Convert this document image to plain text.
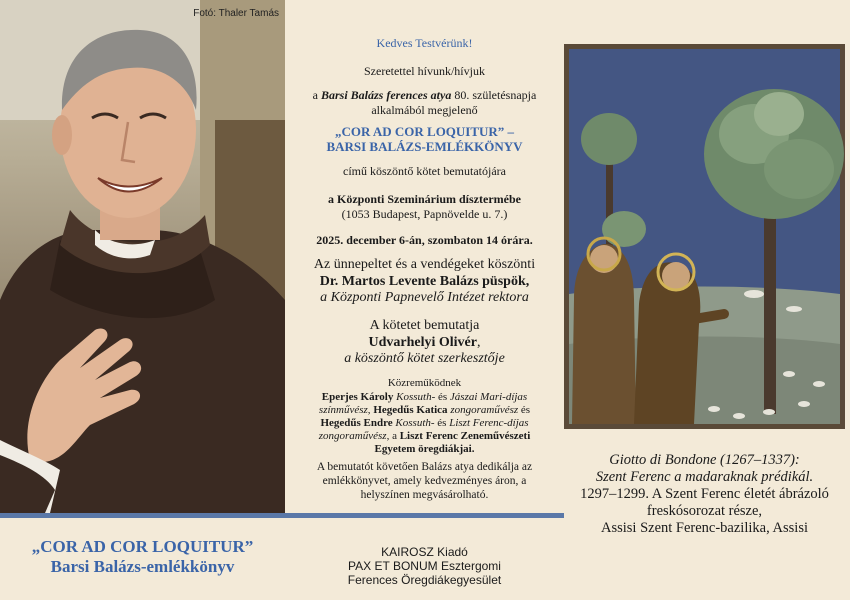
Fotó: Thaler Tamás

Kedves Testvérünk!

Szeretettel hívunk/hívjuk

a Barsi Balázs ferences atya 80. születésnapja

alkalmából megjelenő

„COR AD COR LOQUITUR” –

BARSI BALÁZS-EMLÉKKÖNYV

című köszöntő kötet bemutatójára

a Központi Szeminárium dísztermébe

(1053 Budapest, Papnövelde u. 7.)

2025. december 6-án, szombaton 14 órára.

Az ünnepeltet és a vendégeket köszönti

Dr. Martos Levente Balázs püspök,

a Központi Papnevelő Intézet rektora

A kötetet bemutatja

Udvarhelyi Olivér,

a köszöntő kötet szerkesztője

Közreműködnek

Eperjes Károly Kossuth- és Jászai Mari-díjas

színművész, Hegedűs Katica zongoraművész és

Hegedűs Endre Kossuth- és Liszt Ferenc-díjas

zongoraművész, a Liszt Ferenc Zeneművészeti

Egyetem öregdiákjai.

A bemutatót követően Balázs atya dedikálja az

emlékkönyvet, amely kedvezményes áron, a

helyszínen megvásárolható.

Giotto di Bondone (1267–1337):
Szent Ferenc a madaraknak prédikál.
1297–1299. A Szent Ferenc életét ábrázoló
freskósorozat része,
Assisi Szent Ferenc-bazilika, Assisi
„COR AD COR LOQUITUR”
Barsi Balázs-emlékkönyv
KAIROSZ Kiadó
PAX ET BONUM Esztergomi
Ferences Öregdiákegyesület
